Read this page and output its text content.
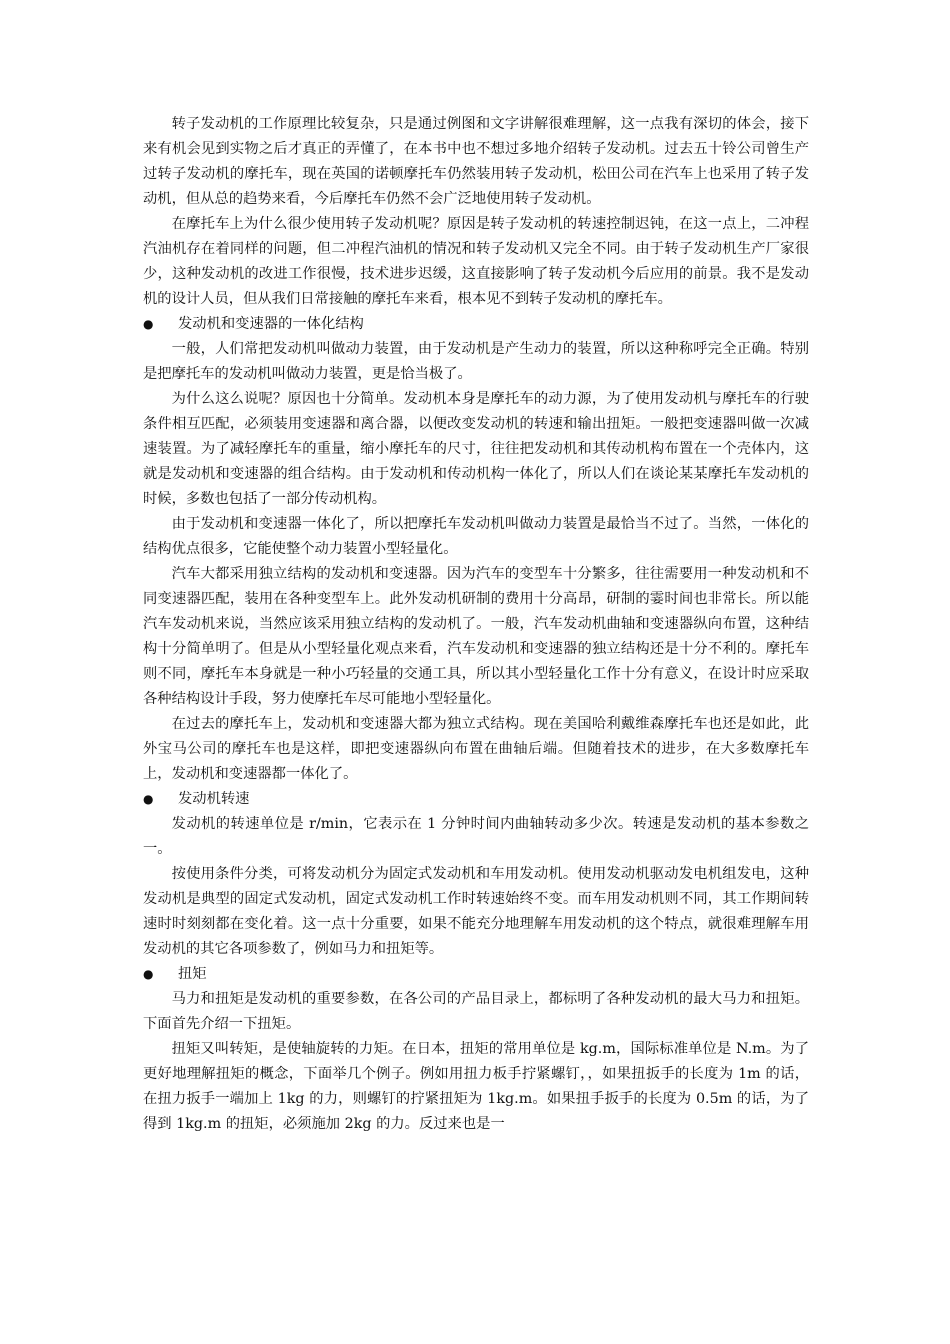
转子发动机的工作原理比较复杂，只是通过例图和文字讲解很难理解，这一点我有深切的体会，接下来有机会见到实物之后才真正的弄懂了，在本书中也不想过多地介绍转子发动机。过去五十铃公司曾生产过转子发动机的摩托车，现在英国的诺顿摩托车仍然装用转子发动机，松田公司在汽车上也采用了转子发动机，但从总的趋势来看，今后摩托车仍然不会广泛地使用转子发动机。

在摩托车上为什么很少使用转子发动机呢？原因是转子发动机的转速控制迟钝，在这一点上，二冲程汽油机存在着同样的问题，但二冲程汽油机的情况和转子发动机又完全不同。由于转子发动机生产厂家很少，这种发动机的改进工作很慢，技术进步迟缓，这直接影响了转子发动机今后应用的前景。我不是发动机的设计人员，但从我们日常接触的摩托车来看，根本见不到转子发动机的摩托车。

●	发动机和变速器的一体化结构

一般，人们常把发动机叫做动力装置，由于发动机是产生动力的装置，所以这种称呼完全正确。特别是把摩托车的发动机叫做动力装置，更是恰当极了。

为什么这么说呢？原因也十分简单。发动机本身是摩托车的动力源，为了使用发动机与摩托车的行驶条件相互匹配，必须装用变速器和离合器，以便改变发动机的转速和输出扭矩。一般把变速器叫做一次减速装置。为了减轻摩托车的重量，缩小摩托车的尺寸，往往把发动机和其传动机构布置在一个壳体内，这就是发动机和变速器的组合结构。由于发动机和传动机构一体化了，所以人们在谈论某某摩托车发动机的时候，多数也包括了一部分传动机构。

由于发动机和变速器一体化了，所以把摩托车发动机叫做动力装置是最恰当不过了。当然，一体化的结构优点很多，它能使整个动力装置小型轻量化。

汽车大都采用独立结构的发动机和变速器。因为汽车的变型车十分繁多，往往需要用一种发动机和不同变速器匹配，装用在各种变型车上。此外发动机研制的费用十分高昂，研制的霎时间也非常长。所以能汽车发动机来说，当然应该采用独立结构的发动机了。一般，汽车发动机曲轴和变速器纵向布置，这种结构十分简单明了。但是从小型轻量化观点来看，汽车发动机和变速器的独立结构还是十分不利的。摩托车则不同，摩托车本身就是一种小巧轻量的交通工具，所以其小型轻量化工作十分有意义，在设计时应采取各种结构设计手段，努力使摩托车尽可能地小型轻量化。

在过去的摩托车上，发动机和变速器大都为独立式结构。现在美国哈利戴维森摩托车也还是如此，此外宝马公司的摩托车也是这样，即把变速器纵向布置在曲轴后端。但随着技术的进步，在大多数摩托车上，发动机和变速器都一体化了。

●	发动机转速

发动机的转速单位是 r/min，它表示在 1 分钟时间内曲轴转动多少次。转速是发动机的基本参数之一。

按使用条件分类，可将发动机分为固定式发动机和车用发动机。使用发动机驱动发电机组发电，这种发动机是典型的固定式发动机，固定式发动机工作时转速始终不变。而车用发动机则不同，其工作期间转速时时刻刻都在变化着。这一点十分重要，如果不能充分地理解车用发动机的这个特点，就很难理解车用发动机的其它各项参数了，例如马力和扭矩等。

●	扭矩

马力和扭矩是发动机的重要参数，在各公司的产品目录上，都标明了各种发动机的最大马力和扭矩。下面首先介绍一下扭矩。

扭矩又叫转矩，是使轴旋转的力矩。在日本，扭矩的常用单位是 kg.m，国际标准单位是 N.m。为了更好地理解扭矩的概念，下面举几个例子。例如用扭力板手拧紧螺钉，，如果扭扳手的长度为 1m 的话，在扭力扳手一端加上 1kg 的力，则螺钉的拧紧扭矩为 1kg.m。如果扭手扳手的长度为 0.5m 的话，为了得到 1kg.m 的扭矩，必须施加 2kg 的力。反过来也是一
